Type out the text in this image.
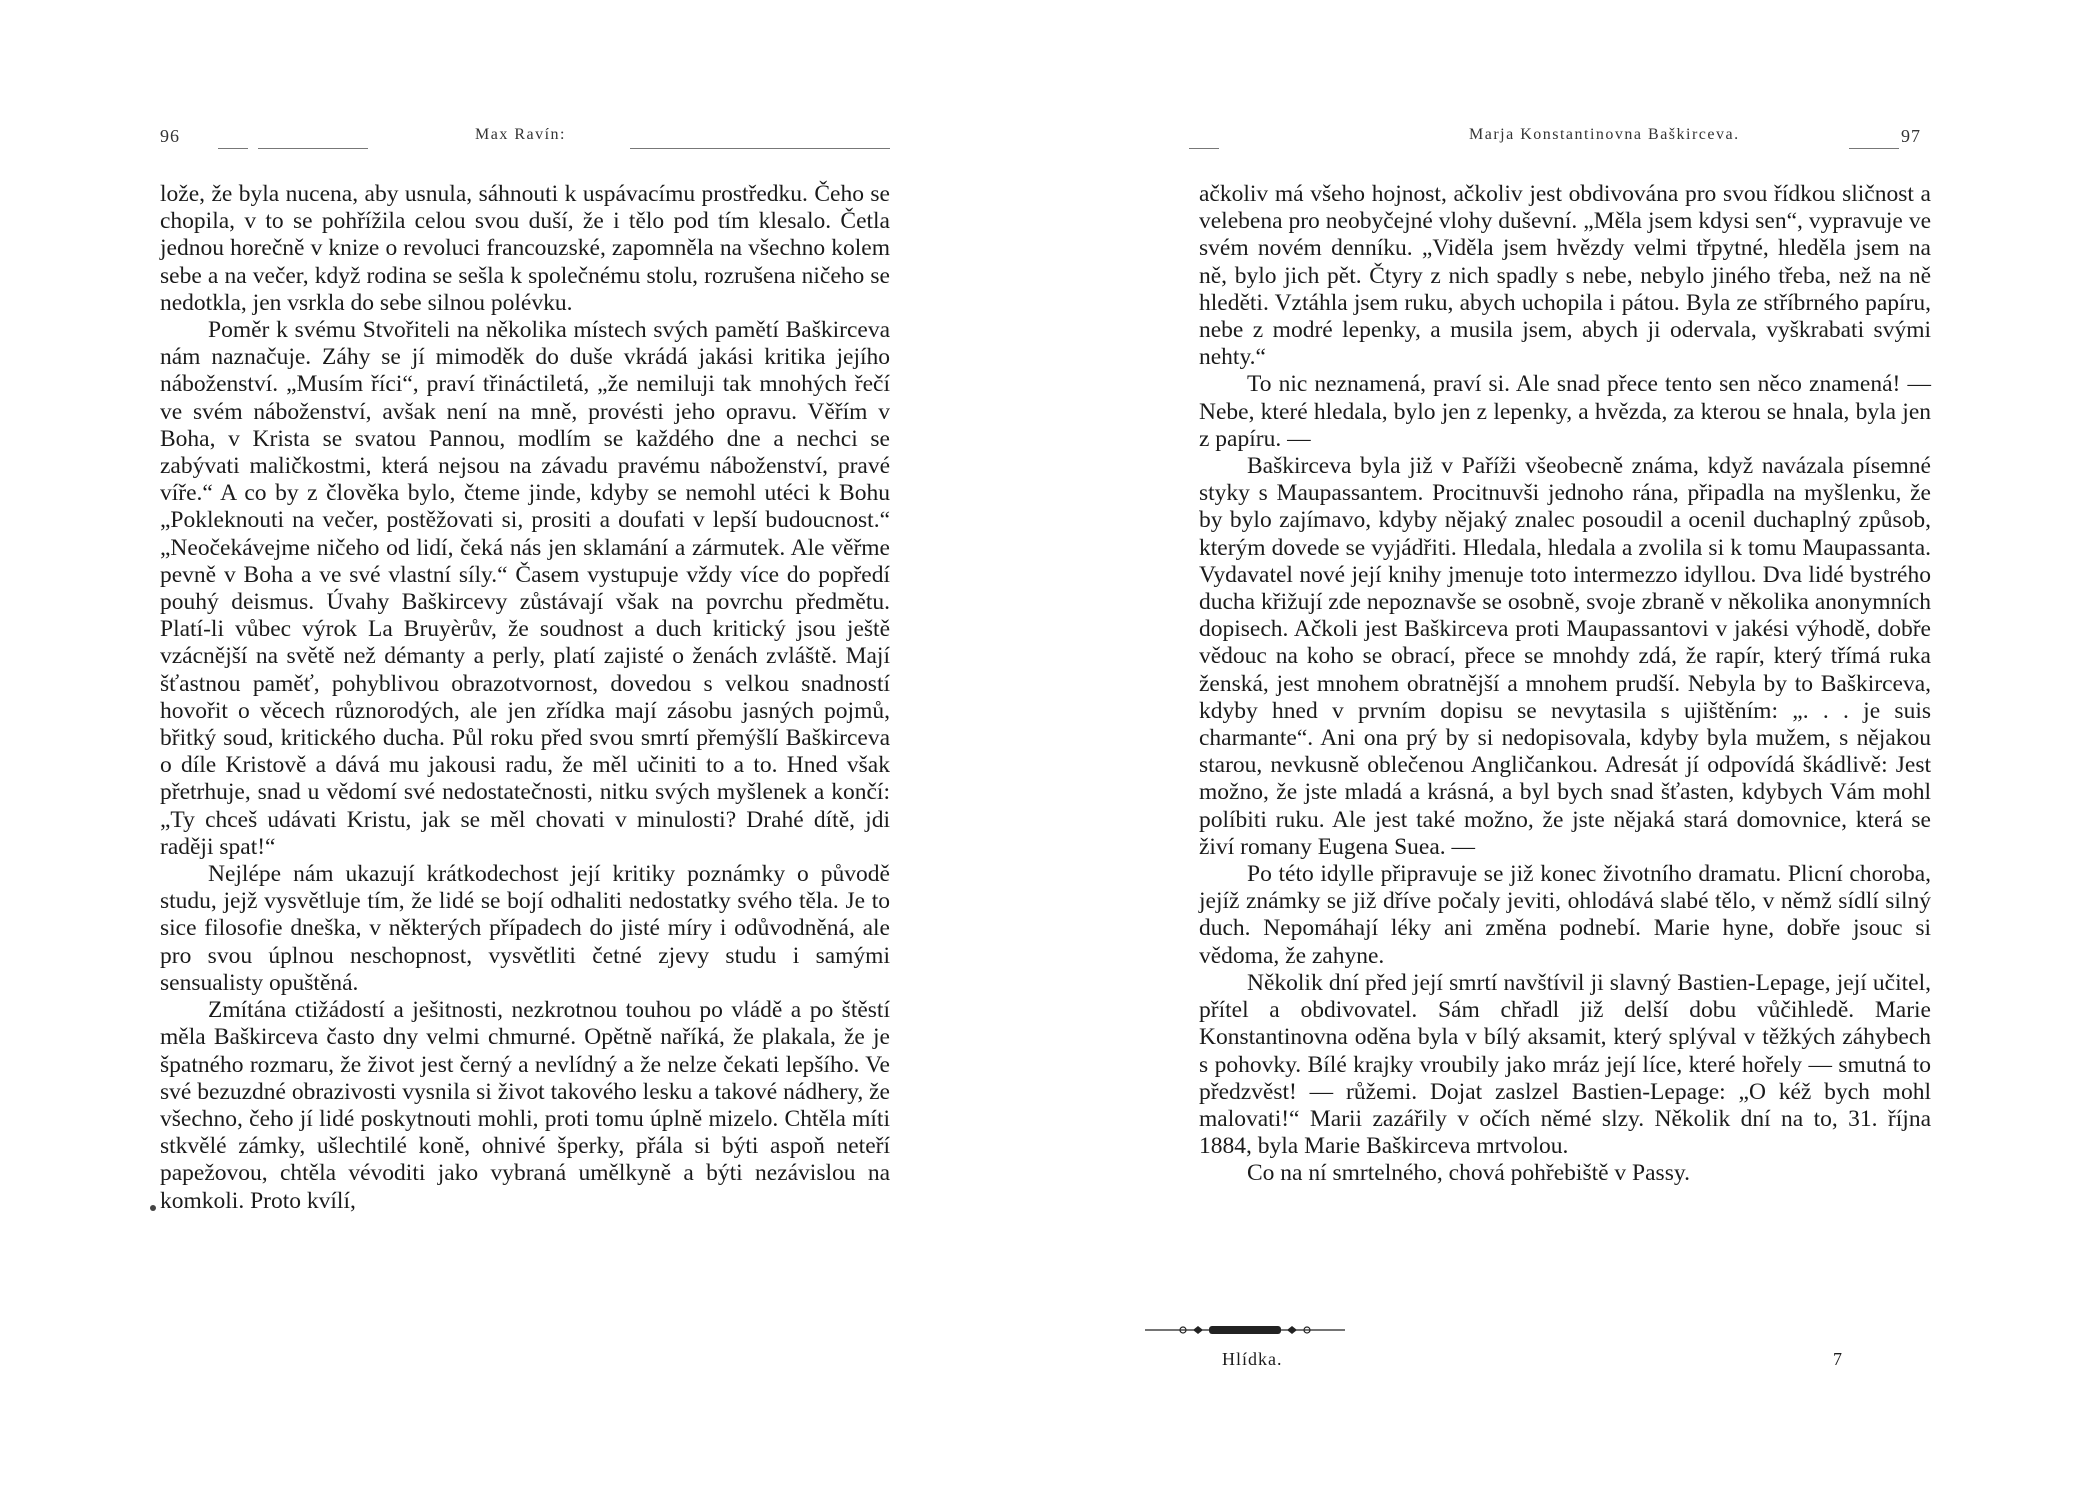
96	Max Ravín:

lože, že byla nucena, aby usnula, sáhnouti k uspávacímu prostředku. Čeho se chopila, v to se pohřížila celou svou duší, že i tělo pod tím klesalo. Četla jednou horečně v knize o revoluci francouzské, zapomněla na všechno kolem sebe a na večer, když rodina se sešla k společnému stolu, rozrušena ničeho se nedotkla, jen vsrkla do sebe silnou polévku.

Poměr k svému Stvořiteli na několika místech svých pamětí Baškirceva nám naznačuje. Záhy se jí mimoděk do duše vkrádá jakási kritika jejího náboženství. „Musím říci“, praví třináctiletá, „že nemiluji tak mnohých řečí ve svém náboženství, avšak není na mně, provésti jeho opravu. Věřím v Boha, v Krista se svatou Pannou, modlím se každého dne a nechci se zabývati maličkostmi, která nejsou na závadu pravému náboženství, pravé víře.“ A co by z člověka bylo, čteme jinde, kdyby se nemohl utéci k Bohu „Pokleknouti na večer, postěžovati si, prositi a doufati v lepší budoucnost.“ „Neočekávejme ničeho od lidí, čeká nás jen sklamání a zármutek. Ale věřme pevně v Boha a ve své vlastní síly.“ Časem vystupuje vždy více do popředí pouhý deismus. Úvahy Baškircevy zůstávají však na povrchu předmětu. Platí-li vůbec výrok La Bruyèrův, že soudnost a duch kritický jsou ještě vzácnější na světě než démanty a perly, platí zajisté o ženách zvláště. Mají šťastnou paměť, pohyblivou obrazotvornost, dovedou s velkou snadností hovořit o věcech různorodých, ale jen zřídka mají zásobu jasných pojmů, břitký soud, kritického ducha. Půl roku před svou smrtí přemýšlí Baškirceva o díle Kristově a dává mu jakousi radu, že měl učiniti to a to. Hned však přetrhuje, snad u vědomí své nedostatečnosti, nitku svých myšlenek a končí: „Ty chceš udávati Kristu, jak se měl chovati v minulosti? Drahé dítě, jdi raději spat!“

Nejlépe nám ukazují krátkodechost její kritiky poznámky o původě studu, jejž vysvětluje tím, že lidé se bojí odhaliti nedostatky svého těla. Je to sice filosofie dneška, v některých případech do jisté míry i odůvodněná, ale pro svou úplnou neschopnost, vysvětliti četné zjevy studu i samými sensualisty opuštěná.

Zmítána ctižádostí a ješitnosti, nezkrotnou touhou po vládě a po štěstí měla Baškirceva často dny velmi chmurné. Opětně naříká, že plakala, že je špatného rozmaru, že život jest černý a nevlídný a že nelze čekati lepšího. Ve své bezuzdné obrazivosti vysnila si život takového lesku a takové nádhery, že všechno, čeho jí lidé poskytnouti mohli, proti tomu úplně mizelo. Chtěla míti stkvělé zámky, ušlechtilé koně, ohnivé šperky, přála si býti aspoň neteří papežovou, chtěla vévoditi jako vybraná umělkyně a býti nezávislou na komkoli. Proto kvílí,

Marja Konstantinovna Baškirceva.	97

ačkoliv má všeho hojnost, ačkoliv jest obdivována pro svou řídkou sličnost a velebena pro neobyčejné vlohy duševní. „Měla jsem kdysi sen“, vypravuje ve svém novém denníku. „Viděla jsem hvězdy velmi třpytné, hleděla jsem na ně, bylo jich pět. Čtyry z nich spadly s nebe, nebylo jiného třeba, než na ně hleděti. Vztáhla jsem ruku, abych uchopila i pátou. Byla ze stříbrného papíru, nebe z modré lepenky, a musila jsem, abych ji odervala, vyškrabati svými nehty.“

To nic neznamená, praví si. Ale snad přece tento sen něco znamená! — Nebe, které hledala, bylo jen z lepenky, a hvězda, za kterou se hnala, byla jen z papíru. —

Baškirceva byla již v Paříži všeobecně známa, když navázala písemné styky s Maupassantem. Procitnuvši jednoho rána, připadla na myšlenku, že by bylo zajímavo, kdyby nějaký znalec posoudil a ocenil duchaplný způsob, kterým dovede se vyjádřiti. Hledala, hledala a zvolila si k tomu Maupassanta. Vydavatel nové její knihy jmenuje toto intermezzo idyllou. Dva lidé bystrého ducha křižují zde nepoznavše se osobně, svoje zbraně v několika anonymních dopisech. Ačkoli jest Baškirceva proti Maupassantovi v jakési výhodě, dobře vědouc na koho se obrací, přece se mnohdy zdá, že rapír, který třímá ruka ženská, jest mnohem obratnější a mnohem prudší. Nebyla by to Baškirceva, kdyby hned v prvním dopisu se nevytasila s ujištěním: „. . . je suis charmante“. Ani ona prý by si nedopisovala, kdyby byla mužem, s nějakou starou, nevkusně oblečenou Angličankou. Adresát jí odpovídá škádlivě: Jest možno, že jste mladá a krásná, a byl bych snad šťasten, kdybych Vám mohl políbiti ruku. Ale jest také možno, že jste nějaká stará domovnice, která se živí romany Eugena Suea. —

Po této idylle připravuje se již konec životního dramatu. Plicní choroba, jejíž známky se již dříve počaly jeviti, ohlodává slabé tělo, v němž sídlí silný duch. Nepomáhají léky ani změna podnebí. Marie hyne, dobře jsouc si vědoma, že zahyne.

Několik dní před její smrtí navštívil ji slavný Bastien-Lepage, její učitel, přítel a obdivovatel. Sám chřadl již delší dobu vůčihledě. Marie Konstantinovna oděna byla v bílý aksamit, který splýval v těžkých záhybech s pohovky. Bílé krajky vroubily jako mráz její líce, které hořely — smutná to předzvěst! — růžemi. Dojat zaslzel Bastien-Lepage: „O kéž bych mohl malovati!“ Marii zazářily v očích němé slzy. Několik dní na to, 31. října 1884, byla Marie Baškirceva mrtvolou.

Co na ní smrtelného, chová pohřebiště v Passy.

Hlídka.	7
